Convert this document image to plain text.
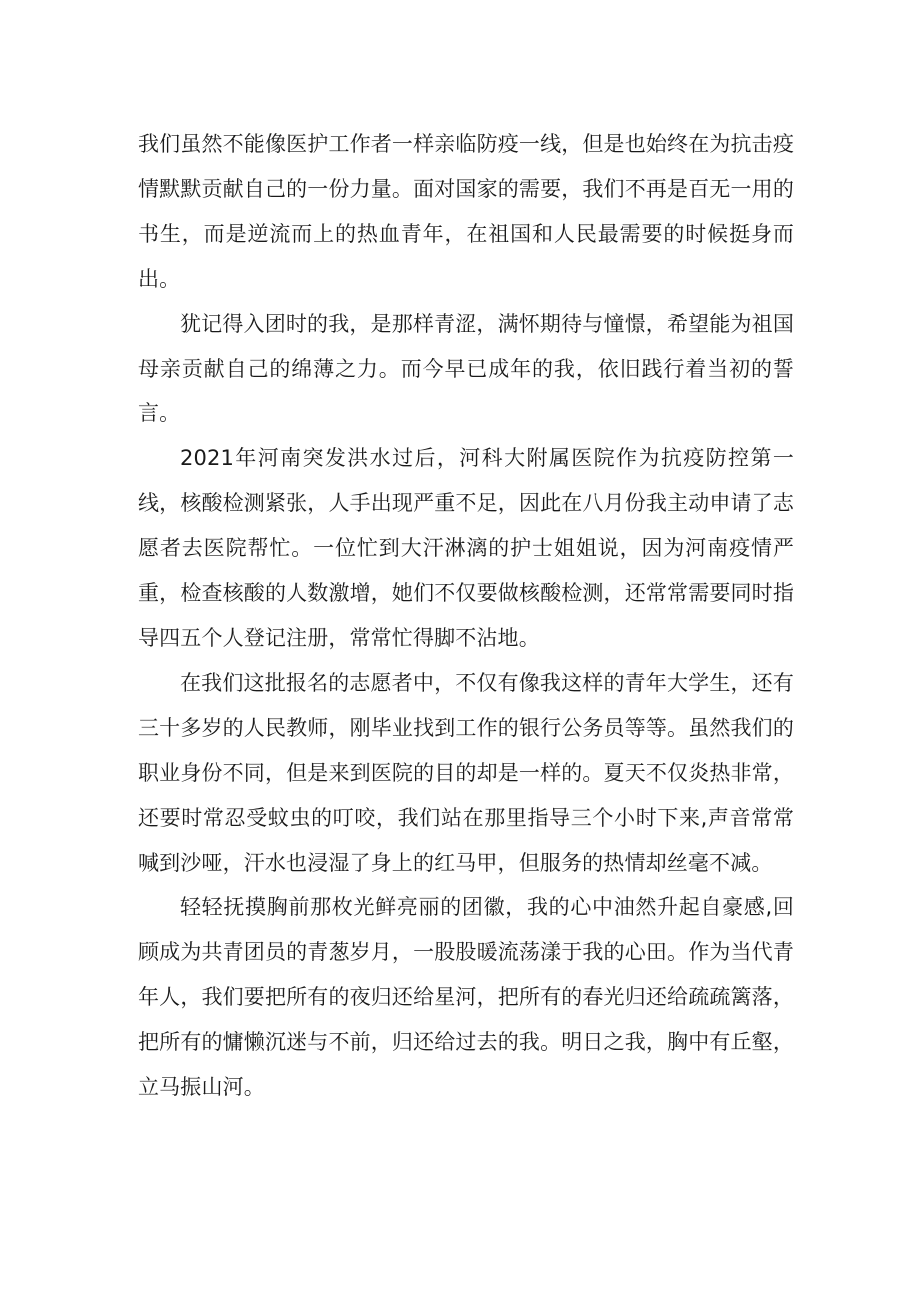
我们虽然不能像医护工作者一样亲临防疫一线，但是也始终在为抗击疫情默默贡献自己的一份力量。面对国家的需要，我们不再是百无一用的书生，而是逆流而上的热血青年，在祖国和人民最需要的时候挺身而出。

犹记得入团时的我，是那样青涩，满怀期待与憧憬，希望能为祖国母亲贡献自己的绵薄之力。而今早已成年的我，依旧践行着当初的誓言。

2021年河南突发洪水过后，河科大附属医院作为抗疫防控第一线，核酸检测紧张，人手出现严重不足，因此在八月份我主动申请了志愿者去医院帮忙。一位忙到大汗淋漓的护士姐姐说，因为河南疫情严重，检查核酸的人数激增，她们不仅要做核酸检测，还常常需要同时指导四五个人登记注册，常常忙得脚不沾地。

在我们这批报名的志愿者中，不仅有像我这样的青年大学生，还有三十多岁的人民教师，刚毕业找到工作的银行公务员等等。虽然我们的职业身份不同，但是来到医院的目的却是一样的。夏天不仅炎热非常，还要时常忍受蚊虫的叮咬，我们站在那里指导三个小时下来,声音常常喊到沙哑，汗水也浸湿了身上的红马甲，但服务的热情却丝毫不减。

轻轻抚摸胸前那枚光鲜亮丽的团徽，我的心中油然升起自豪感,回顾成为共青团员的青葱岁月，一股股暖流荡漾于我的心田。作为当代青年人，我们要把所有的夜归还给星河，把所有的春光归还给疏疏篱落，把所有的慵懒沉迷与不前，归还给过去的我。明日之我，胸中有丘壑，立马振山河。
